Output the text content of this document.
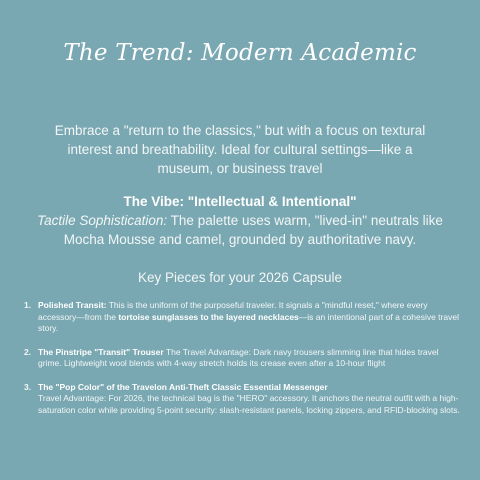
The Trend: Modern Academic
Embrace a "return to the classics," but with a focus on textural interest and breathability. Ideal for cultural settings—like a museum, or business travel
The Vibe: "Intellectual & Intentional"
Tactile Sophistication: The palette uses warm, "lived-in" neutrals like Mocha Mousse and camel, grounded by authoritative navy.
Key Pieces for your 2026 Capsule
1. Polished Transit: This is the uniform of the purposeful traveler. It signals a "mindful reset," where every accessory—from the tortoise sunglasses to the layered necklaces—is an intentional part of a cohesive travel story.
2. The Pinstripe "Transit" Trouser The Travel Advantage: Dark navy trousers slimming line that hides travel grime. Lightweight wool blends with 4-way stretch holds its crease even after a 10-hour flight
3. The "Pop Color" of the Travelon Anti-Theft Classic Essential Messenger
Travel Advantage: For 2026, the technical bag is the "HERO" accessory. It anchors the neutral outfit with a high-saturation color while providing 5-point security: slash-resistant panels, locking zippers, and RFID-blocking slots.
